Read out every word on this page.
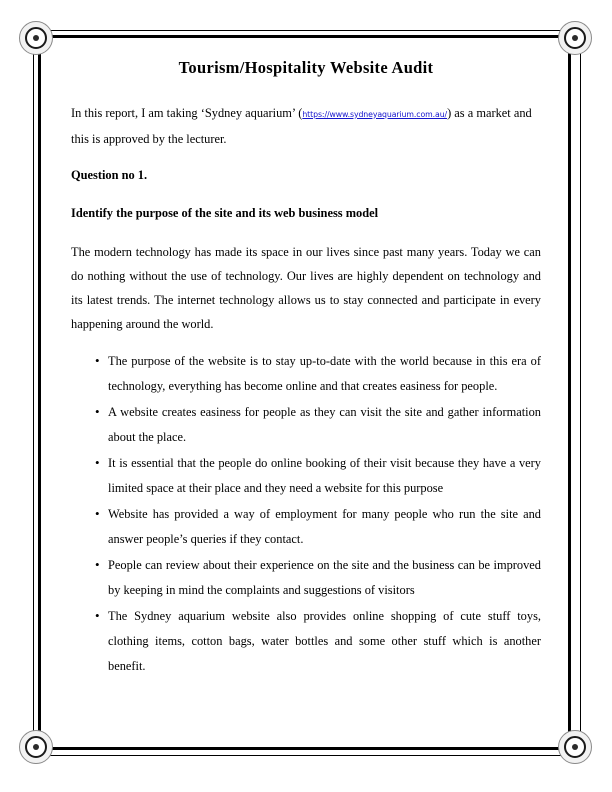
Tourism/Hospitality Website Audit

In this report, I am taking ‘Sydney aquarium’ (https://www.sydneyaquarium.com.au/) as a market and this is approved by the lecturer.

Question no 1.

Identify the purpose of the site and its web business model

The modern technology has made its space in our lives since past many years. Today we can do nothing without the use of technology. Our lives are highly dependent on technology and its latest trends. The internet technology allows us to stay connected and participate in every happening around the world.

• The purpose of the website is to stay up-to-date with the world because in this era of technology, everything has become online and that creates easiness for people.
• A website creates easiness for people as they can visit the site and gather information about the place.
• It is essential that the people do online booking of their visit because they have a very limited space at their place and they need a website for this purpose
• Website has provided a way of employment for many people who run the site and answer people’s queries if they contact.
• People can review about their experience on the site and the business can be improved by keeping in mind the complaints and suggestions of visitors
• The Sydney aquarium website also provides online shopping of cute stuff toys, clothing items, cotton bags, water bottles and some other stuff which is another benefit.
